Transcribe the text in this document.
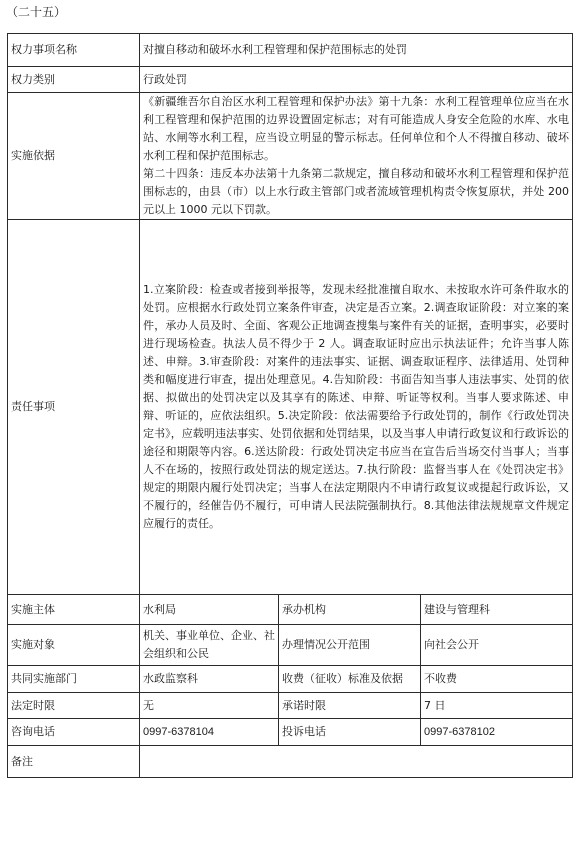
（二十五）
权力事项名称	对擅自移动和破坏水利工程管理和保护范围标志的处罚		
权力类别	行政处罚		
实施依据	《新疆维吾尔自治区水利工程管理和保护办法》第十九条：水利工程管理单位应当在水利工程管理和保护范围的边界设置固定标志；对有可能造成人身安全危险的水库、水电站、水闸等水利工程，应当设立明显的警示标志。任何单位和个人不得擅自移动、破坏水利工程和保护范围标志。

第二十四条：违反本办法第十九条第二款规定，擅自移动和破坏水利工程管理和保护范围标志的，由县（市）以上水行政主管部门或者流域管理机构责令恢复原状，并处 200 元以上 1000 元以下罚款。		

责任事项	1.立案阶段：检查或者接到举报等，发现未经批准擅自取水、未按取水许可条件取水的处罚。应根据水行政处罚立案条件审查，决定是否立案。2.调查取证阶段：对立案的案件，承办人员及时、全面、客观公正地调查搜集与案件有关的证据，查明事实，必要时进行现场检查。执法人员不得少于 2 人。调查取证时应出示执法证件；允许当事人陈述、申辩。3.审查阶段：对案件的违法事实、证据、调查取证程序、法律适用、处罚种类和幅度进行审查，提出处理意见。4.告知阶段：书面告知当事人违法事实、处罚的依据、拟做出的处罚决定以及其享有的陈述、申辩、听证等权利。当事人要求陈述、申辩、听证的，应依法组织。5.决定阶段：依法需要给予行政处罚的，制作《行政处罚决定书》，应载明违法事实、处罚依据和处罚结果，以及当事人申请行政复议和行政诉讼的途径和期限等内容。6.送达阶段：行政处罚决定书应当在宣告后当场交付当事人；当事人不在场的，按照行政处罚法的规定送达。7.执行阶段：监督当事人在《处罚决定书》规定的期限内履行处罚决定；当事人在法定期限内不申请行政复议或提起行政诉讼，又不履行的，经催告仍不履行，可申请人民法院强制执行。8.其他法律法规规章文件规定应履行的责任。		
实施主体	水利局	承办机构	建设与管理科
实施对象	机关、事业单位、企业、社会组织和公民	办理情况公开范围	向社会公开
共同实施部门	水政监察科	收费（征收）标准及依据	不收费
法定时限	无	承诺时限	7 日
咨询电话	0997-6378104	投诉电话	0997-6378102
备注			
